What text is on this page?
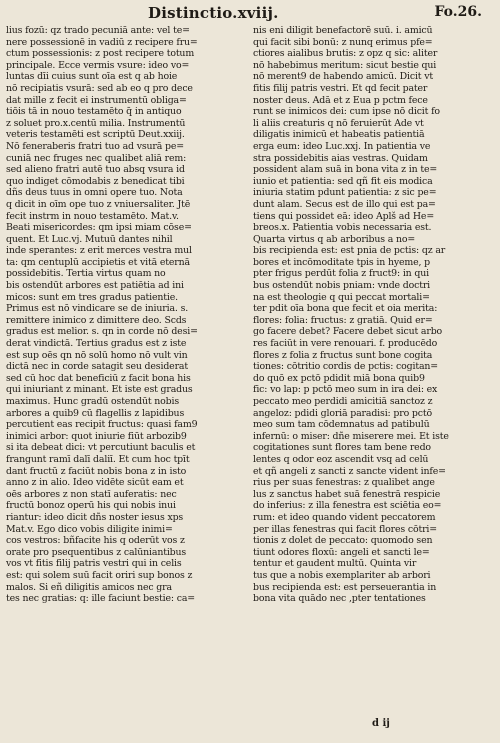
Distinctio.xviij.	Fo.26.
lius fozū: qz trado pecuniā ante: vel te=
nere possessionē in vadiū z recipere fru=
ctum possessionis: z post recipere totum
principale. Ecce vermis vsure: ideo vo=
luntas dīi cuius sunt oīa est q ab hoie
nō recipiatis vsurā: sed ab eo q pro dece
dat mille z fecit ei instrumentū obliga=
tiōis tā in nouo testamēto q̄ in antiquo
z soluet pro.x.centū milia. Instrumentū
veteris testamēti est scriptū Deut.xxiij.
Nō feneraberis fratri tuo ad vsurā pe=
cuniā nec fruges nec qualibet aliā rem:
sed alieno fratri autē tuo absq vsura id
quo indiget cōmodabis z benedicat tibi
dñs deus tuus in omni opere tuo. Nota
q dicit in oīm ope tuo z vniuersaliter. Jtē
fecit instrm in nouo testamēto. Mat.v.
Beati misericordes: qm ipsi miam cōse=
quent. Et Luc.vj. Mutuū dantes nihil
inde sperantes: z erit merces vestra mul
ta: qm centuplū accipietis et vitā eternā
possidebitis. Tertia virtus quam no
bis ostendūt arbores est patiētia ad ini
micos: sunt em tres gradus patientie.
Primus est nō vindicare se de iniuria. s.
remittere inimico z dimittere deo. Scds
gradus est melior. s. qn in corde nō desi=
derat vindictā. Tertius gradus est z iste
est sup oēs qn nō solū homo nō vult vin
dictā nec in corde satagit seu desiderat
sed cū hoc dat beneficiū z facit bona his
qui iniuriant z minant. Et iste est gradus
maximus. Hunc gradū ostendūt nobis
arbores a quib9 cū flagellis z lapidibus
percutient eas recipit fructus: quasi fam9
inimici arbor: quot iniurie fiūt arbozib9
si ita debeat dici: vt percutiunt baculis et
frangunt ramī dalī daliī. Et cum hoc tpīt
dant fructū z faciūt nobis bona z in isto
anno z in alio. Ideo vidēte sicūt eam et
oēs arbores z non statī auferatis: nec
fructū bonoz operū his qui nobis inui
riantur: ideo dicit dñs noster iesus xps
Mat.v. Ego dico vobis diligite inimi=
cos vestros: bñfacite his q oderūt vos z
orate pro psequentibus z calūniantibus
vos vt fitis filij patris vestri qui in celis
est: qui solem suū facit oriri sup bonos z
malos. Si eñ diligitis amicos nec gra
tes nec gratias: q: ille faciunt bestie: ca=
nis eni diligit benefactorē suū. i. amicū
qui facit sibi bonū: z nunq erimus pfe=
ctiores aialibus brutis: z opz q sic: aliter
nō habebimus meritum: sicut bestie qui
nō merent9 de habendo amicū. Dicit vt
fitis filij patris vestri. Et qd fecit pater
noster deus. Adā et z Eua p pctm fece
runt se inimicos dei: cum ipse nō dicit fo
li aliis creaturis q nō feruierūt Ade vt
diligatis inimicū et habeatis patientiā
erga eum: ideo Luc.xxj. In patientia ve
stra possidebitis aias vestras. Quidam
possident alam suā in bona vita z in te=
iunio et patientia: sed qñ fit eis modica
iniuria statim pdunt patientia: z sic pe=
dunt alam. Secus est de illo qui est pa=
tiens qui possidet eā: ideo Aplš ad He=
breos.x. Patientia vobis necessaria est.
Quarta virtus q ab arboribus a no=
bis recipienda est: est pnia de pctis: qz ar
bores et incōmoditate tpis in hyeme, p
pter frigus perdūt folia z fruct9: in qui
bus ostendūt nobis pniam: vnde doctri
na est theologie q qui peccat mortali=
ter pdit oīa bona que fecit et oia merita:
flores: folia: fructus: z gratiā. Quid er=
go facere debet? Facere debet sicut arbo
res faciūt in vere renouari. f. producēdo
flores z folia z fructus sunt bone cogita
tiones: cōtritio cordis de pctis: cogitan=
do quō ex pctō pdidit miā bona quib9
fic: vo lap: p pctō meo sum in ira dei: ex
peccato meo perdidi amicitiā sanctoz z
angeloz: pdidi gloriā paradisi: pro pctō
meo sum tam cōdemnatus ad patibulū
infernū: o miser: dñe miserere mei. Et iste
cogitationes sunt flores tam bene redo
lentes q odor eoz ascendit vsq ad celū
et qñ angeli z sancti z sancte vident infe=
rius per suas fenestras: z qualibet ange
lus z sanctus habet suā fenestrā respicie
do inferius: z illa fenestra est sciētia eo=
rum: et ideo quando vident peccatorem
per illas fenestras qui facit flores cōtri=
tionis z dolet de peccato: quomodo sen
tiunt odores floxū: angeli et sancti le=
tentur et gaudent multū. Quinta vir
tus que a nobis exemplariter ab arbori
bus recipienda est: est perseuerantia in
bona vita quādo nec ,pter tentationes
d ij
